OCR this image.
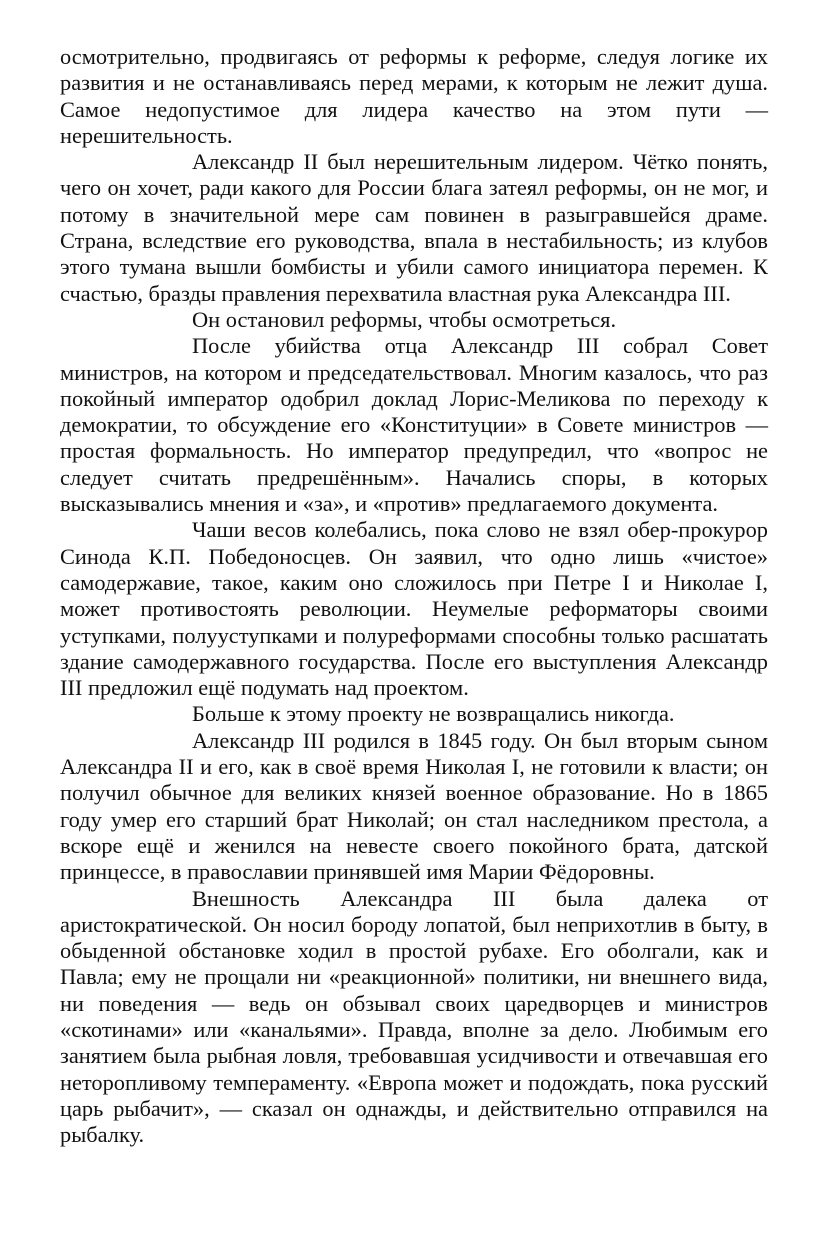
осмотрительно, продвигаясь от реформы к реформе, следуя логике их развития и не останавливаясь перед мерами, к которым не лежит душа. Самое недопустимое для лидера качество на этом пути — нерешительность.

Александр II был нерешительным лидером. Чётко понять, чего он хочет, ради какого для России блага затеял реформы, он не мог, и потому в значительной мере сам повинен в разыгравшейся драме. Страна, вследствие его руководства, впала в нестабильность; из клубов этого тумана вышли бомбисты и убили самого инициатора перемен. К счастью, бразды правления перехватила властная рука Александра III.

Он остановил реформы, чтобы осмотреться.

После убийства отца Александр III собрал Совет министров, на котором и председательствовал. Многим казалось, что раз покойный император одобрил доклад Лорис-Меликова по переходу к демократии, то обсуждение его «Конституции» в Совете министров — простая формальность. Но император предупредил, что «вопрос не следует считать предрешённым». Начались споры, в которых высказывались мнения и «за», и «против» предлагаемого документа.

Чаши весов колебались, пока слово не взял обер-прокурор Синода К.П. Победоносцев. Он заявил, что одно лишь «чистое» самодержавие, такое, каким оно сложилось при Петре I и Николае I, может противостоять революции. Неумелые реформаторы своими уступками, полууступками и полуреформами способны только расшатать здание самодержавного государства. После его выступления Александр III предложил ещё подумать над проектом.

Больше к этому проекту не возвращались никогда.

Александр III родился в 1845 году. Он был вторым сыном Александра II и его, как в своё время Николая I, не готовили к власти; он получил обычное для великих князей военное образование. Но в 1865 году умер его старший брат Николай; он стал наследником престола, а вскоре ещё и женился на невесте своего покойного брата, датской принцессе, в православии принявшей имя Марии Фёдоровны.

Внешность Александра III была далека от аристократической. Он носил бороду лопатой, был неприхотлив в быту, в обыденной обстановке ходил в простой рубахе. Его оболгали, как и Павла; ему не прощали ни «реакционной» политики, ни внешнего вида, ни поведения — ведь он обзывал своих царедворцев и министров «скотинами» или «канальями». Правда, вполне за дело. Любимым его занятием была рыбная ловля, требовавшая усидчивости и отвечавшая его неторопливому темпераменту. «Европа может и подождать, пока русский царь рыбачит», — сказал он однажды, и действительно отправился на рыбалку.
